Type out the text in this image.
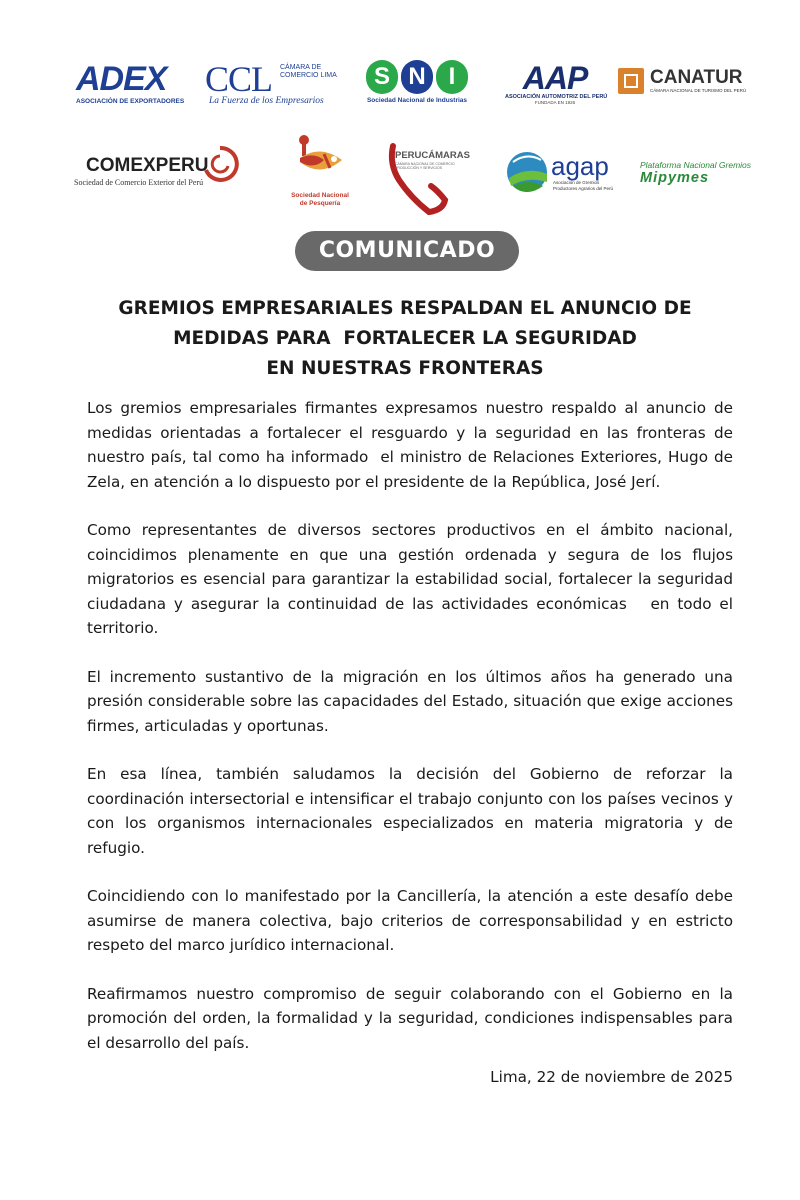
ADEX
ASOCIACIÓN DE EXPORTADORES
CCL CÁMARA DE COMERCIO LIMA
La Fuerza de los Empresarios
S N I
Sociedad Nacional de Industrias
AAP
ASOCIACIÓN AUTOMOTRIZ DEL PERÚ
FUNDADA EN 1926
CANATUR
CÁMARA NACIONAL DE TURISMO DEL PERÚ
COMEXPERU
Sociedad de Comercio Exterior del Perú
Sociedad Nacional
de Pesquería
PERUCÁMARAS
CÁMARA NACIONAL DE COMERCIO PRODUCCIÓN Y SERVICIOS	agap
Asociación de Gremios Productores Agrarios del Perú
Plataforma Nacional Gremios
Mipymes
COMUNICADO
GREMIOS EMPRESARIALES RESPALDAN EL ANUNCIO DE
MEDIDAS PARA  FORTALECER LA SEGURIDAD
EN NUESTRAS FRONTERAS

Los gremios empresariales firmantes expresamos nuestro respaldo al anuncio de medidas orientadas a fortalecer el resguardo y la seguridad en las fronteras de nuestro país, tal como ha informado  el ministro de Relaciones Exteriores, Hugo de Zela, en atención a lo dispuesto por el presidente de la República, José Jerí.

Como representantes de diversos sectores productivos en el ámbito nacional, coincidimos plenamente en que una gestión ordenada y segura de los flujos migratorios es esencial para garantizar la estabilidad social, fortalecer la seguridad ciudadana y asegurar la continuidad de las actividades económicas   en todo el territorio.

El incremento sustantivo de la migración en los últimos años ha generado una presión considerable sobre las capacidades del Estado, situación que exige acciones firmes, articuladas y oportunas.

En esa línea, también saludamos la decisión del Gobierno de reforzar la coordinación intersectorial e intensificar el trabajo conjunto con los países vecinos y con los organismos internacionales especializados en materia migratoria y de refugio.

Coincidiendo con lo manifestado por la Cancillería, la atención a este desafío debe asumirse de manera colectiva, bajo criterios de corresponsabilidad y en estricto respeto del marco jurídico internacional.

Reafirmamos nuestro compromiso de seguir colaborando con el Gobierno en la promoción del orden, la formalidad y la seguridad, condiciones indispensables para el desarrollo del país.

Lima, 22 de noviembre de 2025
